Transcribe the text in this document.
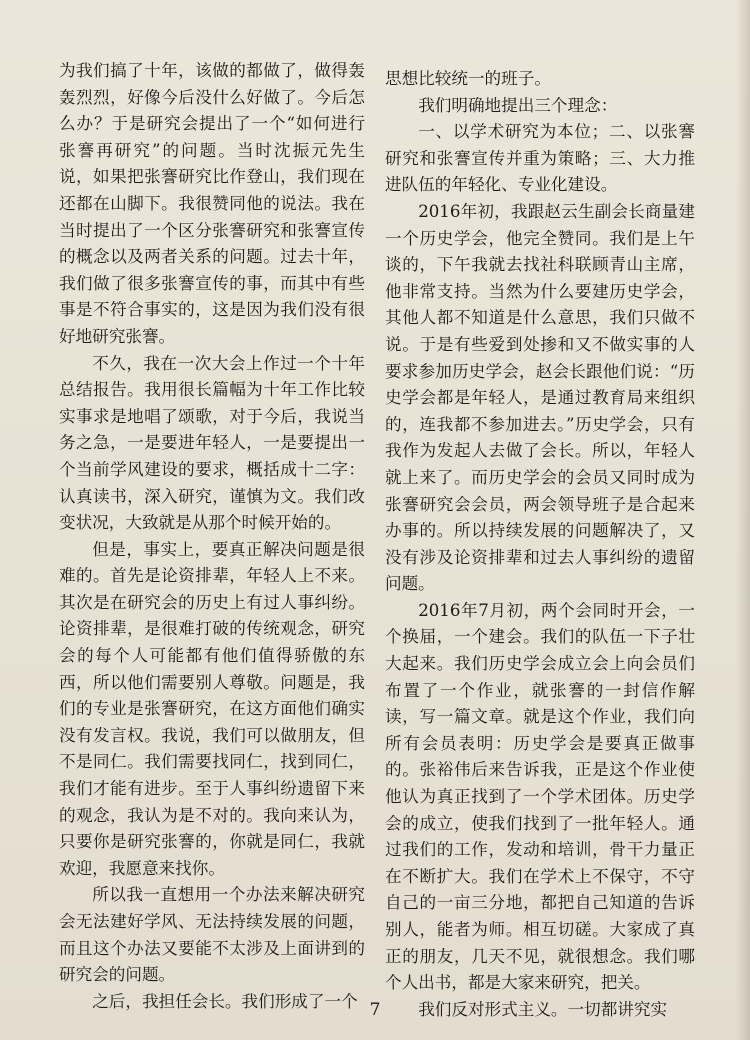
为我们搞了十年，该做的都做了，做得轰轰烈烈，好像今后没什么好做了。今后怎么办？于是研究会提出了一个“如何进行张謇再研究”的问题。当时沈振元先生说，如果把张謇研究比作登山，我们现在还都在山脚下。我很赞同他的说法。我在当时提出了一个区分张謇研究和张謇宣传的概念以及两者关系的问题。过去十年，我们做了很多张謇宣传的事，而其中有些事是不符合事实的，这是因为我们没有很好地研究张謇。

不久，我在一次大会上作过一个十年总结报告。我用很长篇幅为十年工作比较实事求是地唱了颂歌，对于今后，我说当务之急，一是要进年轻人，一是要提出一个当前学风建设的要求，概括成十二字：认真读书，深入研究，谨慎为文。我们改变状况，大致就是从那个时候开始的。

但是，事实上，要真正解决问题是很难的。首先是论资排辈，年轻人上不来。其次是在研究会的历史上有过人事纠纷。论资排辈，是很难打破的传统观念，研究会的每个人可能都有他们值得骄傲的东西，所以他们需要别人尊敬。问题是，我们的专业是张謇研究，在这方面他们确实没有发言权。我说，我们可以做朋友，但不是同仁。我们需要找同仁，找到同仁，我们才能有进步。至于人事纠纷遗留下来的观念，我认为是不对的。我向来认为，只要你是研究张謇的，你就是同仁，我就欢迎，我愿意来找你。

所以我一直想用一个办法来解决研究会无法建好学风、无法持续发展的问题，而且这个办法又要能不太涉及上面讲到的研究会的问题。

之后，我担任会长。我们形成了一个

思想比较统一的班子。

我们明确地提出三个理念：

一、以学术研究为本位；二、以张謇研究和张謇宣传并重为策略；三、大力推进队伍的年轻化、专业化建设。

2016年初，我跟赵云生副会长商量建一个历史学会，他完全赞同。我们是上午谈的，下午我就去找社科联顾青山主席，他非常支持。当然为什么要建历史学会，其他人都不知道是什么意思，我们只做不说。于是有些爱到处掺和又不做实事的人要求参加历史学会，赵会长跟他们说：“历史学会都是年轻人，是通过教育局来组织的，连我都不参加进去。”历史学会，只有我作为发起人去做了会长。所以，年轻人就上来了。而历史学会的会员又同时成为张謇研究会会员，两会领导班子是合起来办事的。所以持续发展的问题解决了，又没有涉及论资排辈和过去人事纠纷的遗留问题。

2016年7月初，两个会同时开会，一个换届，一个建会。我们的队伍一下子壮大起来。我们历史学会成立会上向会员们布置了一个作业，就张謇的一封信作解读，写一篇文章。就是这个作业，我们向所有会员表明：历史学会是要真正做事的。张裕伟后来告诉我，正是这个作业使他认为真正找到了一个学术团体。历史学会的成立，使我们找到了一批年轻人。通过我们的工作，发动和培训，骨干力量正在不断扩大。我们在学术上不保守，不守自己的一亩三分地，都把自己知道的告诉别人，能者为师。相互切磋。大家成了真正的朋友，几天不见，就很想念。我们哪个人出书，都是大家来研究，把关。

我们反对形式主义。一切都讲究实

7
